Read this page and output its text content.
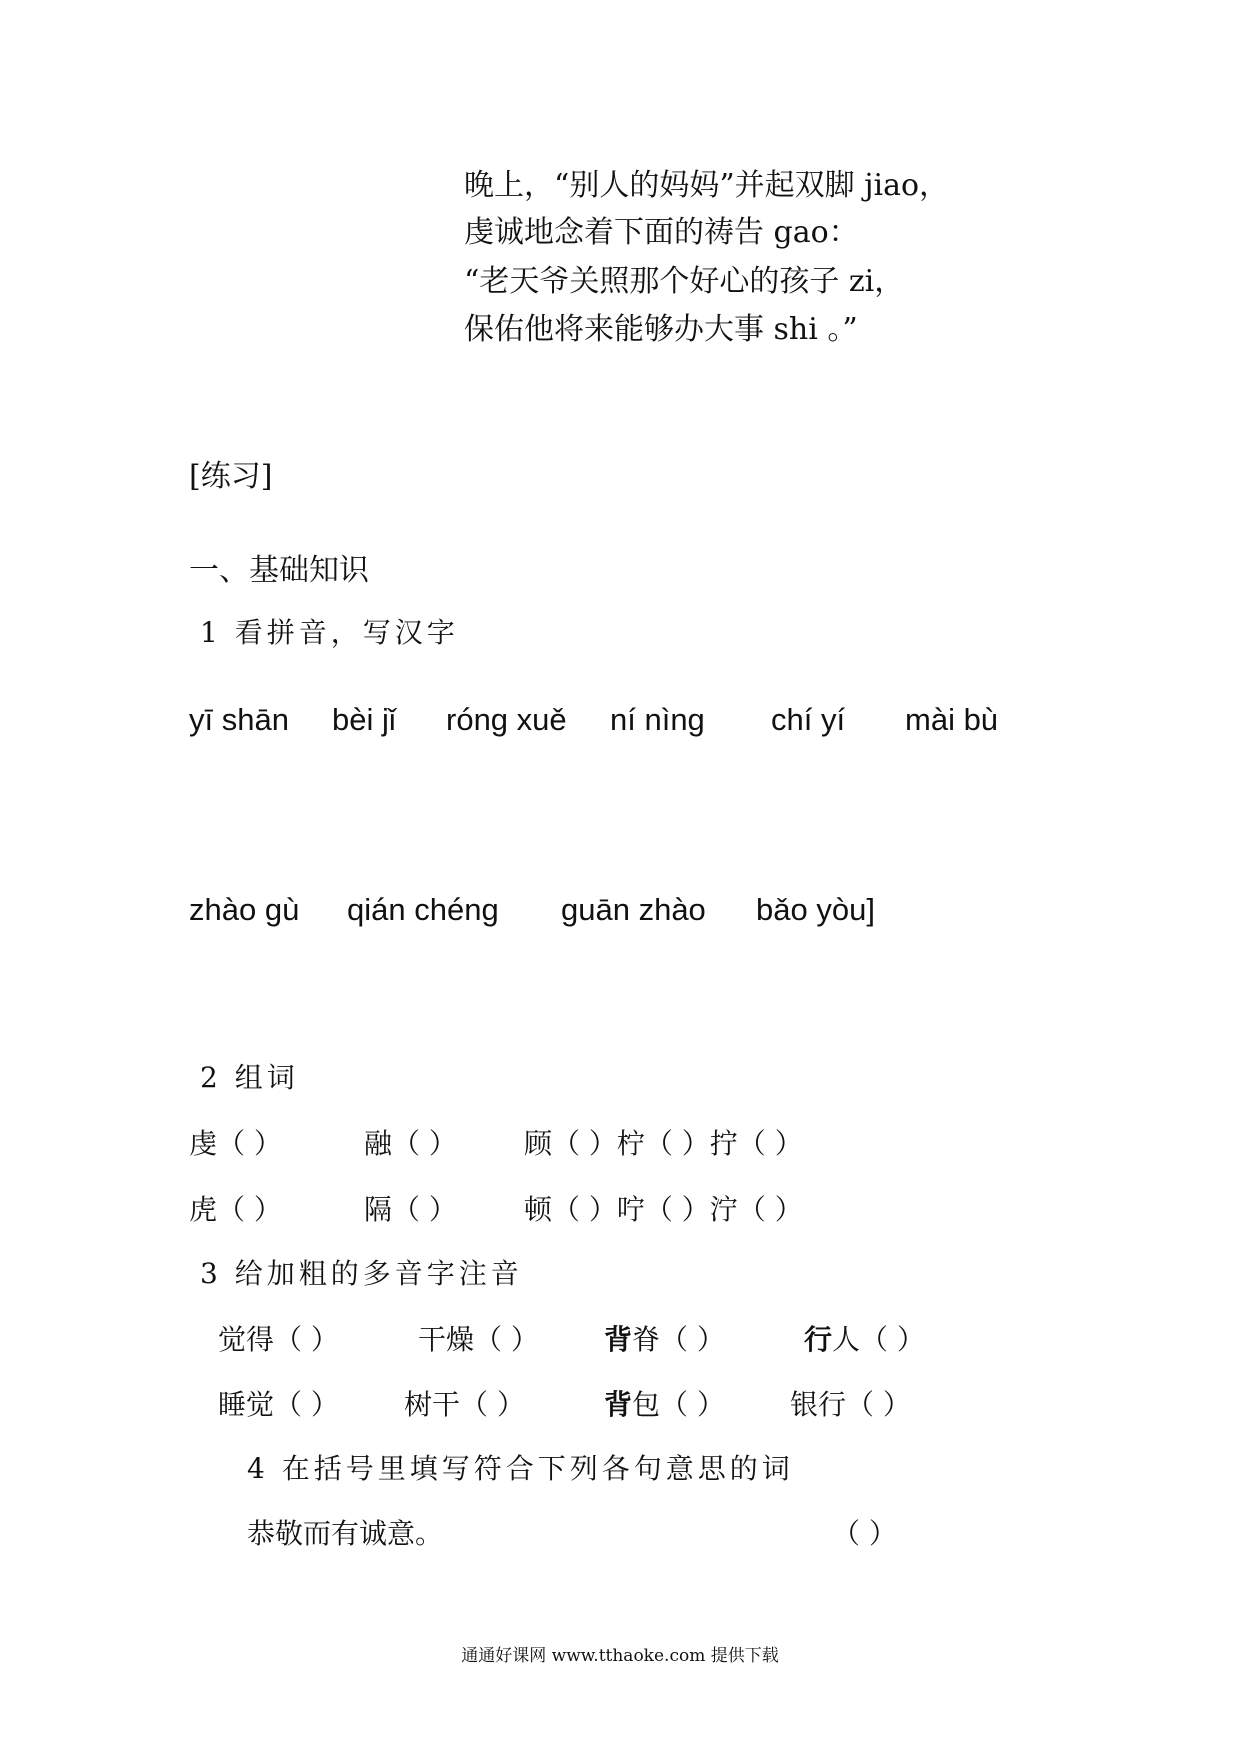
晚上，“别人的妈妈”并起双脚 jiao，
虔诚地念着下面的祷告 gao：
“老天爷关照那个好心的孩子 zi，
保佑他将来能够办大事 shi 。”
[练习]
一、基础知识
1 看拼音，写汉字
yī shān bèi jǐ róng xuě ní nìng chí yí mài bù
zhào gù qián chéng guān zhào bǎo yòu]
2 组词
虔（ ）	融（ ） 顾（ ）柠（ ）拧（ ）
虎（ ）	隔（ ） 顿（ ）咛（ ）泞（ ）
3 给加粗的多音字注音
觉得（ ）	干燥（ ） 背脊（ ）	行人（ ）
睡觉（ ） 树干（ ）	背包（ ） 银行（ ）
4 在括号里填写符合下列各句意思的词
恭敬而有诚意。	（ ）
通通好课网 www.tthaoke.com 提供下载
